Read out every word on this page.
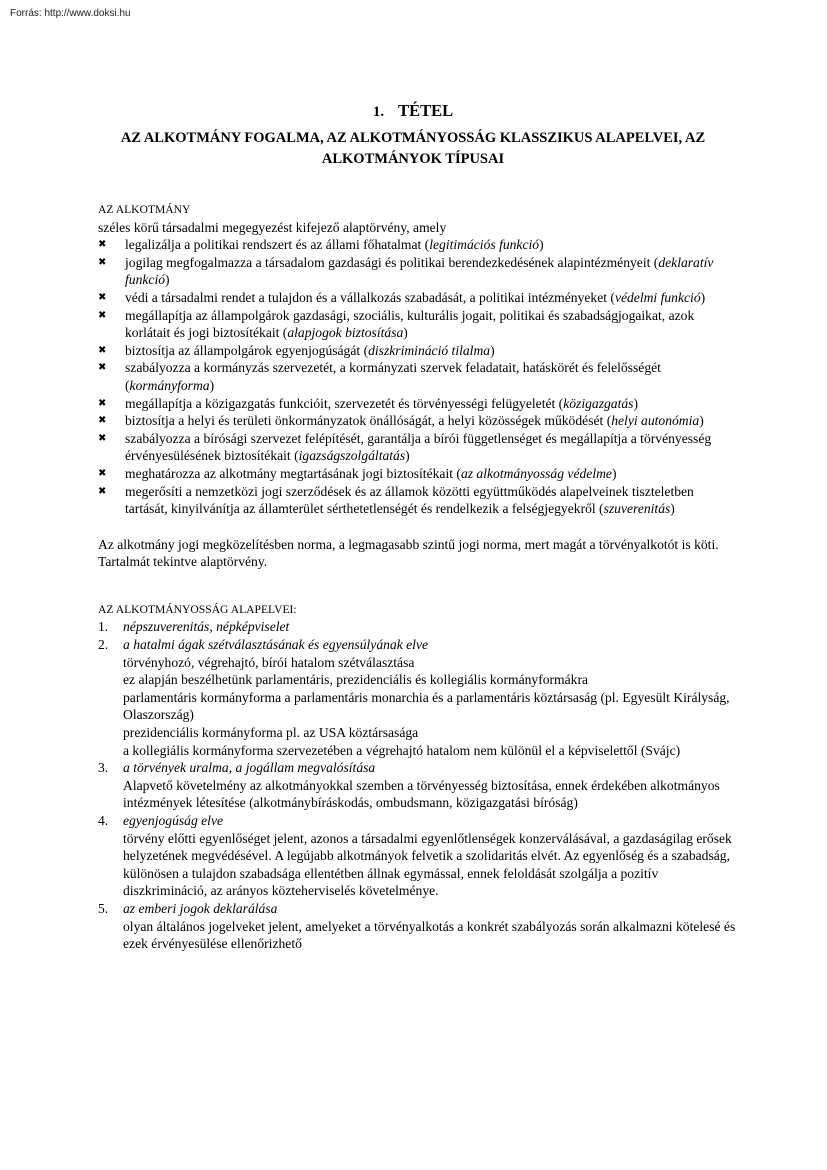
Forrás: http://www.doksi.hu
1. TÉTEL
AZ ALKOTMÁNY FOGALMA, AZ ALKOTMÁNYOSSÁG KLASSZIKUS ALAPELVEI, AZ
ALKOTMÁNYOK TÍPUSAI
AZ ALKOTMÁNY
széles körű társadalmi megegyezést kifejező alaptörvény, amely
✖ legalizálja a politikai rendszert és az állami főhatalmat (legitimációs funkció)
✖ jogilag megfogalmazza a társadalom gazdasági és politikai berendezkedésének alapintézményeit (deklaratív funkció)
✖ védi a társadalmi rendet a tulajdon és a vállalkozás szabadását, a politikai intézményeket (védelmi funkció)
✖ megállapítja az állampolgárok gazdasági, szociális, kulturális jogait, politikai és szabadságjogaikat, azok korlátait és jogi biztosítékait (alapjogok biztosítása)
✖ biztosítja az állampolgárok egyenjogúságát (diszkrimináció tilalma)
✖ szabályozza a kormányzás szervezetét, a kormányzati szervek feladatait, hatáskörét és felelősségét (kormányforma)
✖ megállapítja a közigazgatás funkcióit, szervezetét és törvényességi felügyeletét (közigazgatás)
✖ biztosítja a helyi és területi önkormányzatok önállóságát, a helyi közösségek működését (helyi autonómia)
✖ szabályozza a bírósági szervezet felépítését, garantálja a bírói függetlenséget és megállapítja a törvényesség érvényesülésének biztosítékait (igazságszolgáltatás)
✖ meghatározza az alkotmány megtartásának jogi biztosítékait (az alkotmányosság védelme)
✖ megerősíti a nemzetközi jogi szerződések és az államok közötti együttműködés alapelveinek tiszteletben tartását, kinyilvánítja az államterület sérthetetlenségét és rendelkezik a felségjegyekről (szuverenitás)
Az alkotmány jogi megközelítésben norma, a legmagasabb szintű jogi norma, mert magát a törvényalkotót is köti. Tartalmát tekintve alaptörvény.
AZ ALKOTMÁNYOSSÁG ALAPELVEI:
1. népszuverenitás, népképviselet
2. a hatalmi ágak szétválasztásának és egyensúlyának elve
törvényhozó, végrehajtó, bírói hatalom szétválasztása
ez alapján beszélhetünk parlamentáris, prezidenciális és kollegiális kormányformákra
parlamentáris kormányforma a parlamentáris monarchia és a parlamentáris köztársaság (pl. Egyesült Királyság, Olaszország)
prezidenciális kormányforma pl. az USA köztársasága
a kollegiális kormányforma szervezetében a végrehajtó hatalom nem különül el a képviselettől (Svájc)
3. a törvények uralma, a jogállam megvalósítása
Alapvető követelmény az alkotmányokkal szemben a törvényesség biztosítása, ennek érdekében alkotmányos intézmények létesítése (alkotmánybíráskodás, ombudsmann, közigazgatási bíróság)
4. egyenjogúság elve
törvény előtti egyenlőséget jelent, azonos a társadalmi egyenlőtlenségek konzerválásával, a gazdaságilag erősek helyzetének megvédésével. A legújabb alkotmányok felvetik a szolidaritás elvét. Az egyenlőség és a szabadság, különösen a tulajdon szabadsága ellentétben állnak egymással, ennek feloldását szolgálja a pozitív diszkrimináció, az arányos közteherviselés követelménye.
5. az emberi jogok deklarálása
olyan általános jogelveket jelent, amelyeket a törvényalkotás a konkrét szabályozás során alkalmazni kötelesé és ezek érvényesülése ellenőrizhető
